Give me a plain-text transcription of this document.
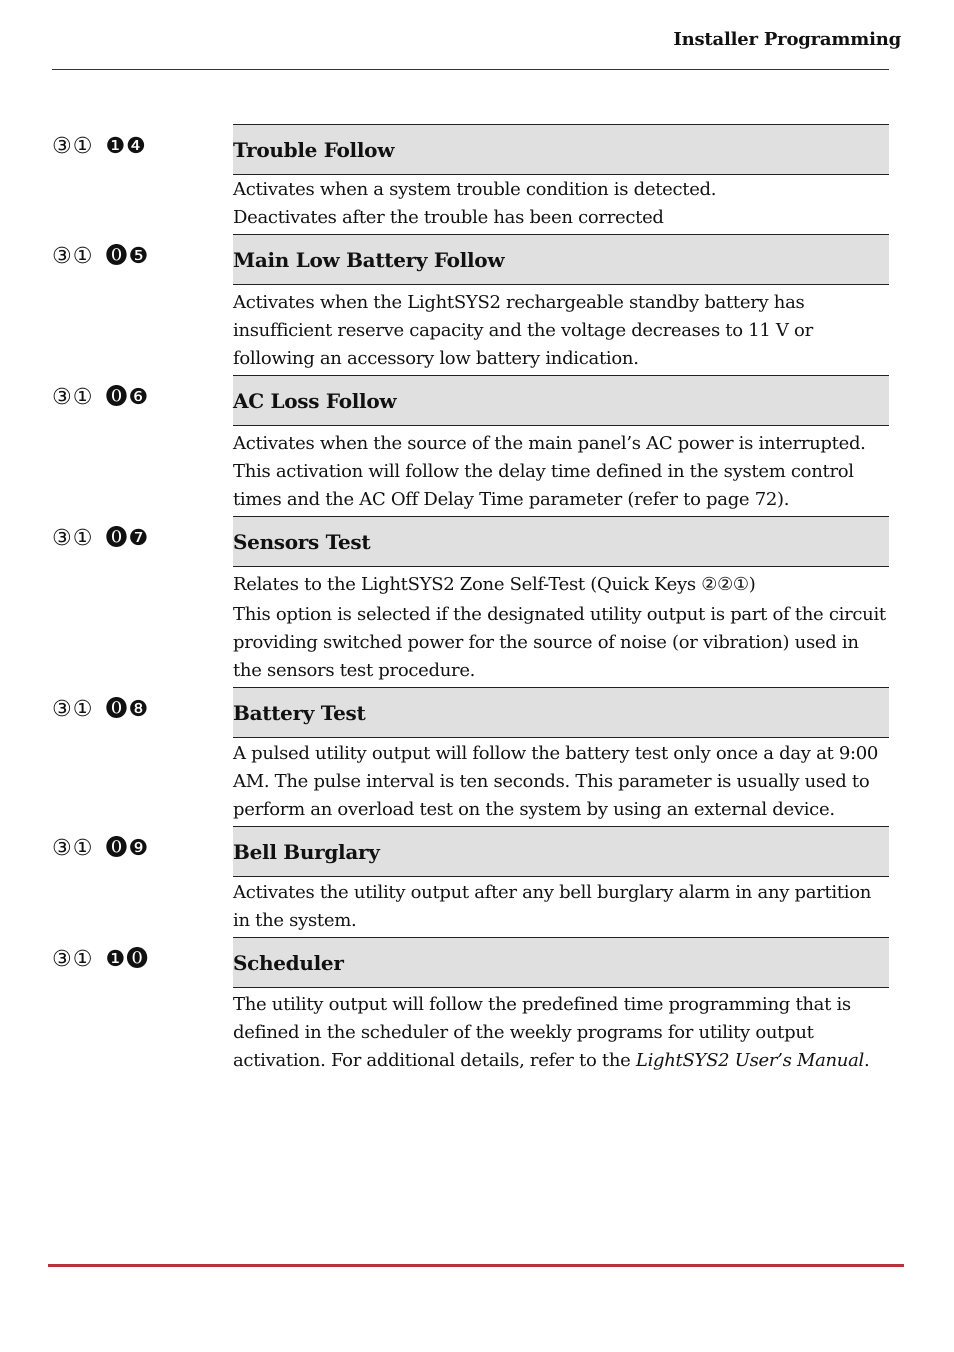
Installer Programming
③① ❶❹	Trouble Follow

Activates when a system trouble condition is detected.

Deactivates after the trouble has been corrected

③① ⓿❺	Main Low Battery Follow

Activates when the LightSYS2 rechargeable standby battery has insufficient reserve capacity and the voltage decreases to 11 V or following an accessory low battery indication.

③① ⓿❻	AC Loss Follow

Activates when the source of the main panel’s AC power is interrupted. This activation will follow the delay time defined in the system control times and the AC Off Delay Time parameter (refer to page 72).

③① ⓿❼	Sensors Test

Relates to the LightSYS2 Zone Self-Test (Quick Keys ②②①)

This option is selected if the designated utility output is part of the circuit providing switched power for the source of noise (or vibration) used in the sensors test procedure.

③① ⓿❽	Battery Test

A pulsed utility output will follow the battery test only once a day at 9:00 AM. The pulse interval is ten seconds. This parameter is usually used to perform an overload test on the system by using an external device.

③① ⓿❾	Bell Burglary

Activates the utility output after any bell burglary alarm in any partition in the system.

③① ❶⓿	Scheduler

The utility output will follow the predefined time programming that is defined in the scheduler of the weekly programs for utility output activation. For additional details, refer to the LightSYS2 User’s Manual.
